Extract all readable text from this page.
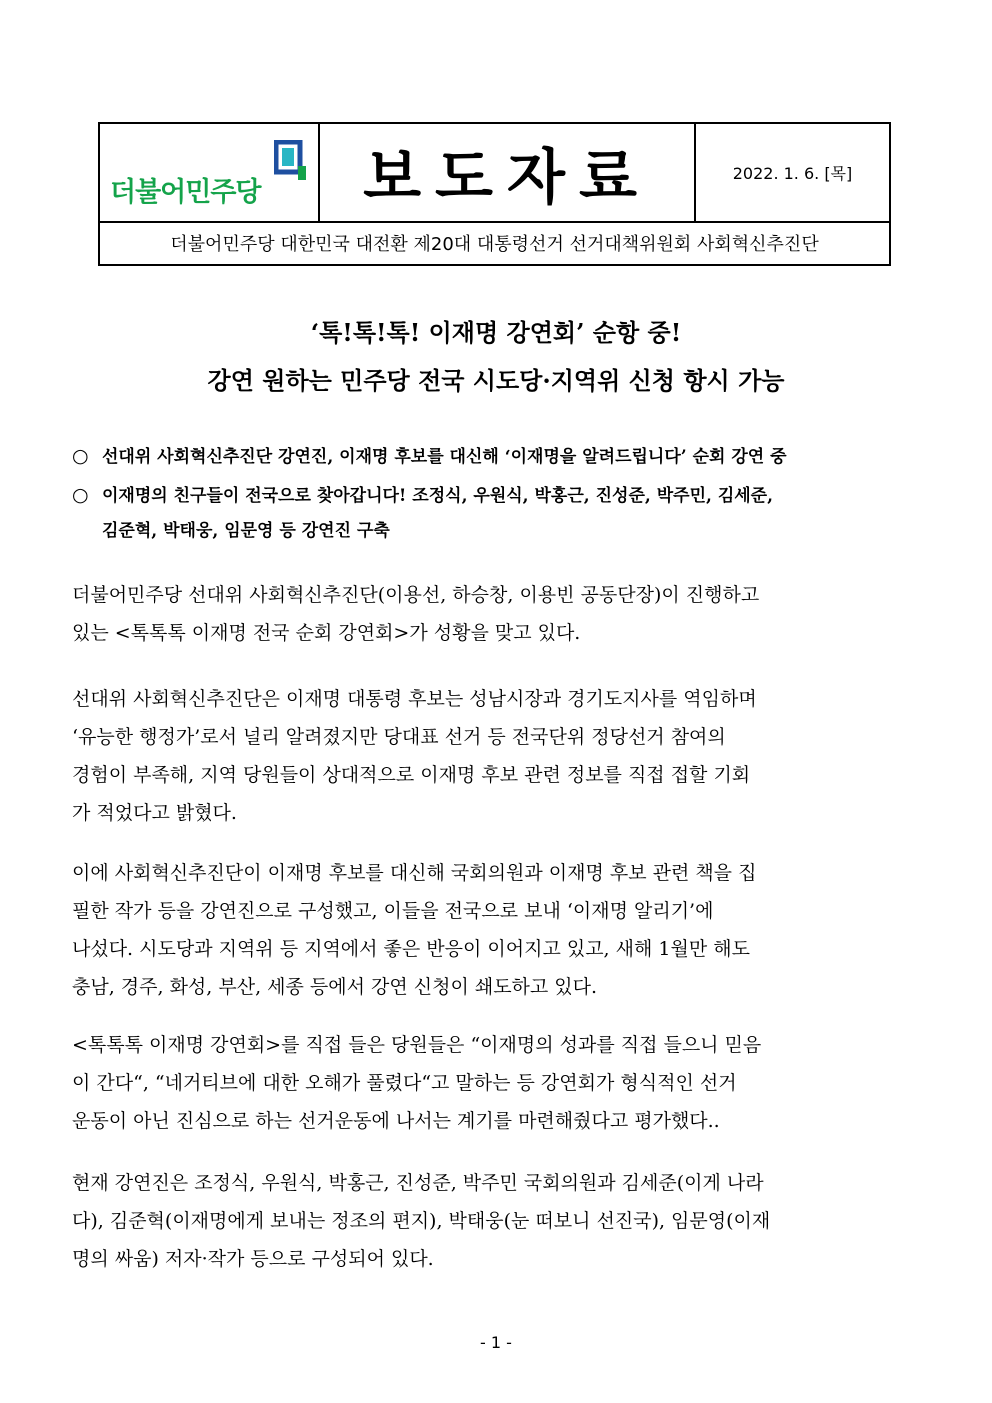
더불어민주당 보도자료	2022. 1. 6. [목]
더불어민주당 대한민국 대전환 제20대 대통령선거 선거대책위원회 사회혁신추진단
‘톡!톡!톡! 이재명 강연회’ 순항 중!
강연 원하는 민주당 전국 시도당·지역위 신청 항시 가능
○ 선대위 사회혁신추진단 강연진, 이재명 후보를 대신해 ‘이재명을 알려드립니다’ 순회 강연 중
○ 이재명의 친구들이 전국으로 찾아갑니다! 조정식, 우원식, 박홍근, 진성준, 박주민, 김세준,
김준혁, 박태웅, 임문영 등 강연진 구축
더불어민주당 선대위 사회혁신추진단(이용선, 하승창, 이용빈 공동단장)이 진행하고
있는 <톡톡톡 이재명 전국 순회 강연회>가 성황을 맞고 있다.
선대위 사회혁신추진단은 이재명 대통령 후보는 성남시장과 경기도지사를 역임하며
‘유능한 행정가’로서 널리 알려졌지만 당대표 선거 등 전국단위 정당선거 참여의
경험이 부족해, 지역 당원들이 상대적으로 이재명 후보 관련 정보를 직접 접할 기회
가 적었다고 밝혔다.
이에 사회혁신추진단이 이재명 후보를 대신해 국회의원과 이재명 후보 관련 책을 집
필한 작가 등을 강연진으로 구성했고, 이들을 전국으로 보내 ‘이재명 알리기’에
나섰다. 시도당과 지역위 등 지역에서 좋은 반응이 이어지고 있고, 새해 1월만 해도
충남, 경주, 화성, 부산, 세종 등에서 강연 신청이 쇄도하고 있다.
<톡톡톡 이재명 강연회>를 직접 들은 당원들은 “이재명의 성과를 직접 들으니 믿음
이 간다“, “네거티브에 대한 오해가 풀렸다“고 말하는 등 강연회가 형식적인 선거
운동이 아닌 진심으로 하는 선거운동에 나서는 계기를 마련해줬다고 평가했다..
현재 강연진은 조정식, 우원식, 박홍근, 진성준, 박주민 국회의원과 김세준(이게 나라
다), 김준혁(이재명에게 보내는 정조의 편지), 박태웅(눈 떠보니 선진국), 임문영(이재
명의 싸움) 저자·작가 등으로 구성되어 있다.
- 1 -
